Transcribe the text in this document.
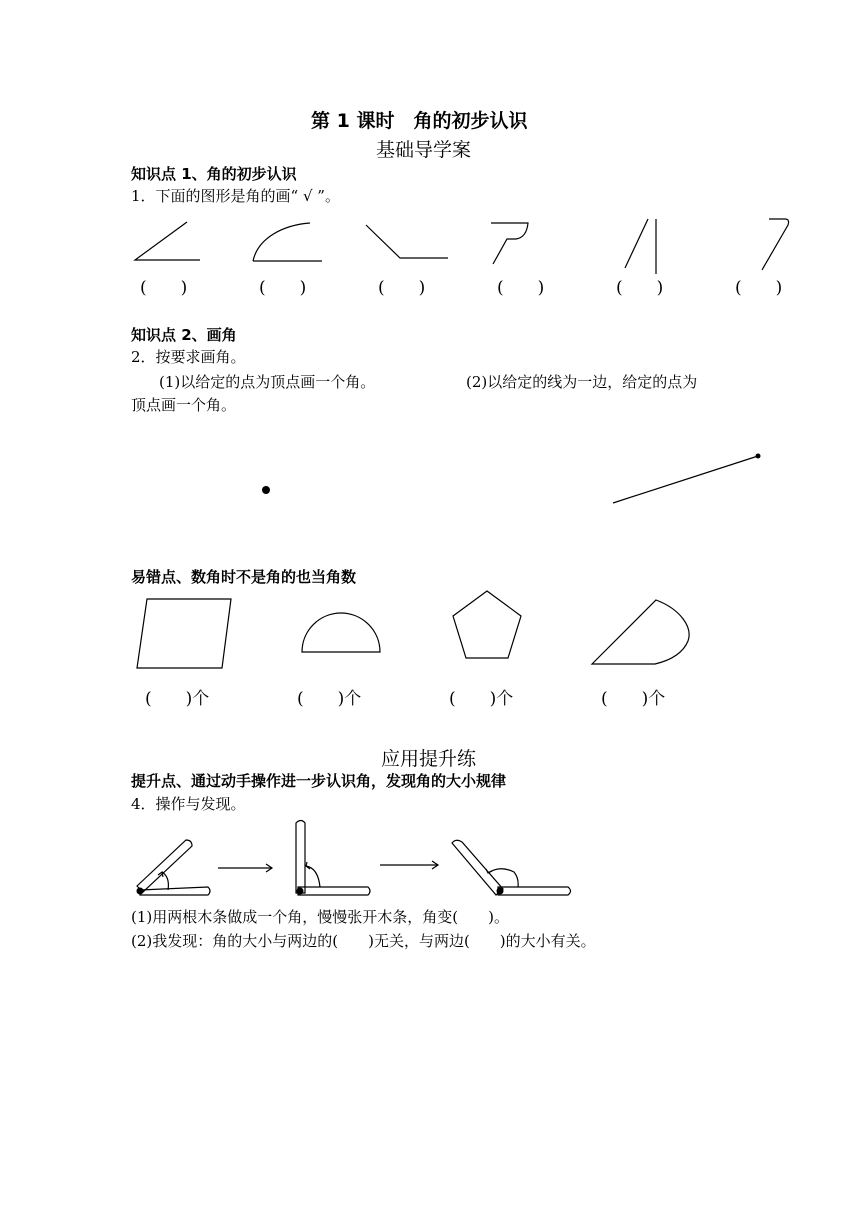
第 1 课时　角的初步认识
基础导学案
知识点 1、角的初步认识
1．下面的图形是角的画“ √ ”。
(　　)	(　　)	(　　)	(　　)	(　　)	(　　)
知识点 2、画角
2．按要求画角。
(1)以给定的点为顶点画一个角。	(2)以给定的线为一边，给定的点为
顶点画一个角。
易错点、数角时不是角的也当角数
(　　)个	(　　)个	(　　)个	(　　)个
应用提升练
提升点、通过动手操作进一步认识角，发现角的大小规律
4．操作与发现。
(1)用两根木条做成一个角，慢慢张开木条，角变(　　)。
(2)我发现：角的大小与两边的(　　)无关，与两边(　　)的大小有关。
